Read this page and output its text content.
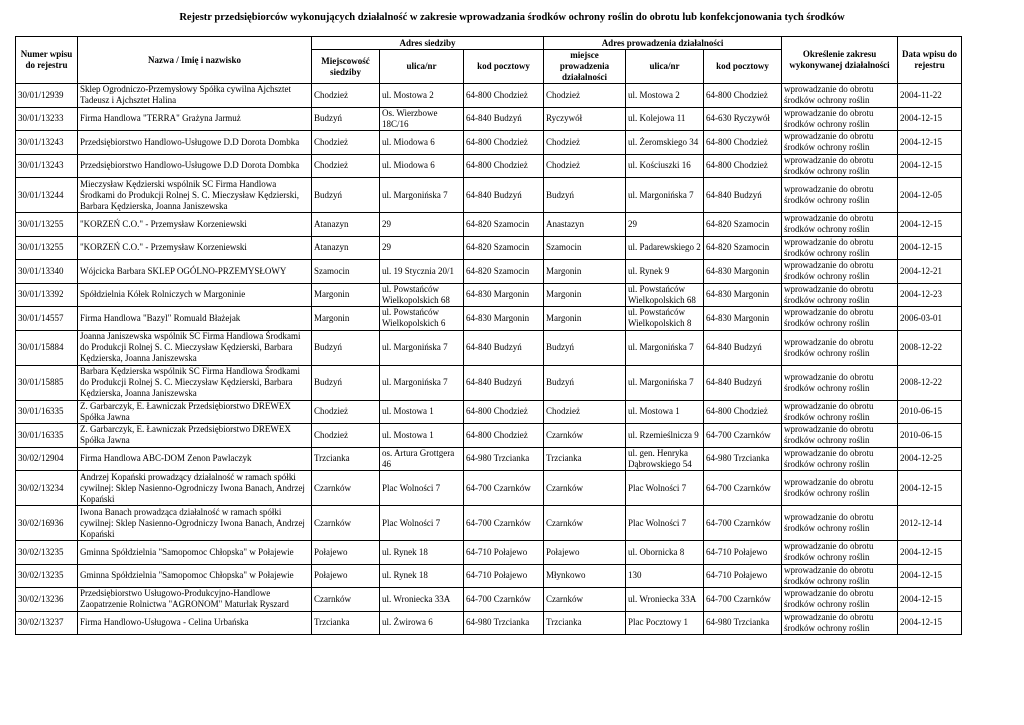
Rejestr przedsiębiorców wykonujących działalność w zakresie wprowadzania środków ochrony roślin do obrotu lub konfekcjonowania tych środków
Numer wpisu do rejestru	Nazwa / Imię i nazwisko	Adres siedziby			Adres prowadzenia działalności			Określenie zakresu wykonywanej działalności	Data wpisu do rejestru
		Miejscowość siedziby	ulica/nr	kod pocztowy	miejsce prowadzenia działalności	ulica/nr	kod pocztowy		
30/01/12939	Sklep Ogrodniczo-Przemysłowy Spółka cywilna Ajchsztet Tadeusz i Ajchsztet Halina	Chodzież	ul. Mostowa 2	64-800 Chodzież	Chodzież	ul. Mostowa 2	64-800 Chodzież	wprowadzanie do obrotu środków ochrony roślin	2004-11-22
30/01/13233	Firma Handlowa "TERRA" Grażyna Jarmuż	Budzyń	Os. Wierzbowe 18C/16	64-840 Budzyń	Ryczywół	ul. Kolejowa 11	64-630 Ryczywół	wprowadzanie do obrotu środków ochrony roślin	2004-12-15
30/01/13243	Przedsiębiorstwo Handlowo-Usługowe D.D Dorota Dombka	Chodzież	ul. Miodowa 6	64-800 Chodzież	Chodzież	ul. Żeromskiego 34	64-800 Chodzież	wprowadzanie do obrotu środków ochrony roślin	2004-12-15
30/01/13243	Przedsiębiorstwo Handlowo-Usługowe D.D Dorota Dombka	Chodzież	ul. Miodowa 6	64-800 Chodzież	Chodzież	ul. Kościuszki 16	64-800 Chodzież	wprowadzanie do obrotu środków ochrony roślin	2004-12-15
30/01/13244	Mieczysław Kędzierski wspólnik SC Firma Handlowa Środkami do Produkcji Rolnej S. C. Mieczysław Kędzierski, Barbara Kędzierska, Joanna Janiszewska	Budzyń	ul. Margonińska 7	64-840 Budzyń	Budzyń	ul. Margonińska 7	64-840 Budzyń	wprowadzanie do obrotu środków ochrony roślin	2004-12-05
30/01/13255	"KORZEŃ C.O." - Przemysław Korzeniewski	Atanazyn	29	64-820 Szamocin	Anastazyn	29	64-820 Szamocin	wprowadzanie do obrotu środków ochrony roślin	2004-12-15
30/01/13255	"KORZEŃ C.O." - Przemysław Korzeniewski	Atanazyn	29	64-820 Szamocin	Szamocin	ul. Padarewskiego 2	64-820 Szamocin	wprowadzanie do obrotu środków ochrony roślin	2004-12-15
30/01/13340	Wójcicka Barbara SKLEP OGÓLNO-PRZEMYSŁOWY	Szamocin	ul. 19 Stycznia 20/1	64-820 Szamocin	Margonin	ul. Rynek 9	64-830 Margonin	wprowadzanie do obrotu środków ochrony roślin	2004-12-21
30/01/13392	Spółdzielnia Kółek Rolniczych w Margoninie	Margonin	ul. Powstańców Wielkopolskich 68	64-830 Margonin	Margonin	ul. Powstańców Wielkopolskich 68	64-830 Margonin	wprowadzanie do obrotu środków ochrony roślin	2004-12-23
30/01/14557	Firma Handlowa "Bazyl" Romuald Błażejak	Margonin	ul. Powstańców Wielkopolskich 6	64-830 Margonin	Margonin	ul. Powstańców Wielkopolskich 8	64-830 Margonin	wprowadzanie do obrotu środków ochrony roślin	2006-03-01
30/01/15884	Joanna Janiszewska wspólnik SC Firma Handlowa Środkami do Produkcji Rolnej S. C. Mieczysław Kędzierski, Barbara Kędzierska, Joanna Janiszewska	Budzyń	ul. Margonińska 7	64-840 Budzyń	Budzyń	ul. Margonińska 7	64-840 Budzyń	wprowadzanie do obrotu środków ochrony roślin	2008-12-22
30/01/15885	Barbara Kędzierska wspólnik SC Firma Handlowa Środkami do Produkcji Rolnej S. C. Mieczysław Kędzierski, Barbara Kędzierska, Joanna Janiszewska	Budzyń	ul. Margonińska 7	64-840 Budzyń	Budzyń	ul. Margonińska 7	64-840 Budzyń	wprowadzanie do obrotu środków ochrony roślin	2008-12-22
30/01/16335	Z. Garbarczyk, E. Ławniczak Przedsiębiorstwo DREWEX Spółka Jawna	Chodzież	ul. Mostowa 1	64-800 Chodzież	Chodzież	ul. Mostowa 1	64-800 Chodzież	wprowadzanie do obrotu środków ochrony roślin	2010-06-15
30/01/16335	Z. Garbarczyk, E. Ławniczak Przedsiębiorstwo DREWEX Spółka Jawna	Chodzież	ul. Mostowa 1	64-800 Chodzież	Czarnków	ul. Rzemieślnicza 9	64-700 Czarnków	wprowadzanie do obrotu środków ochrony roślin	2010-06-15
30/02/12904	Firma Handlowa ABC-DOM Zenon Pawlaczyk	Trzcianka	os. Artura Grottgera 46	64-980 Trzcianka	Trzcianka	ul. gen. Henryka Dąbrowskiego 54	64-980 Trzcianka	wprowadzanie do obrotu środków ochrony roślin	2004-12-25
30/02/13234	Andrzej Kopański prowadzący działalność w ramach spółki cywilnej: Sklep Nasienno-Ogrodniczy Iwona Banach, Andrzej Kopański	Czarnków	Plac Wolności 7	64-700 Czarnków	Czarnków	Plac Wolności 7	64-700 Czarnków	wprowadzanie do obrotu środków ochrony roślin	2004-12-15
30/02/16936	Iwona Banach prowadząca działalność w ramach spółki cywilnej: Sklep Nasienno-Ogrodniczy Iwona Banach, Andrzej Kopański	Czarnków	Plac Wolności 7	64-700 Czarnków	Czarnków	Plac Wolności 7	64-700 Czarnków	wprowadzanie do obrotu środków ochrony roślin	2012-12-14
30/02/13235	Gminna Spółdzielnia "Samopomoc Chłopska" w Połajewie	Połajewo	ul. Rynek 18	64-710 Połajewo	Połajewo	ul. Obornicka 8	64-710 Połajewo	wprowadzanie do obrotu środków ochrony roślin	2004-12-15
30/02/13235	Gminna Spółdzielnia "Samopomoc Chłopska" w Połajewie	Połajewo	ul. Rynek 18	64-710 Połajewo	Młynkowo	130	64-710 Połajewo	wprowadzanie do obrotu środków ochrony roślin	2004-12-15
30/02/13236	Przedsiębiorstwo Usługowo-Produkcyjno-Handlowe Zaopatrzenie Rolnictwa "AGRONOM" Maturlak Ryszard	Czarnków	ul. Wroniecka 33A	64-700 Czarnków	Czarnków	ul. Wroniecka 33A	64-700 Czarnków	wprowadzanie do obrotu środków ochrony roślin	2004-12-15
30/02/13237	Firma Handlowo-Usługowa - Celina Urbańska	Trzcianka	ul. Żwirowa 6	64-980 Trzcianka	Trzcianka	Plac Pocztowy 1	64-980 Trzcianka	wprowadzanie do obrotu środków ochrony roślin	2004-12-15
